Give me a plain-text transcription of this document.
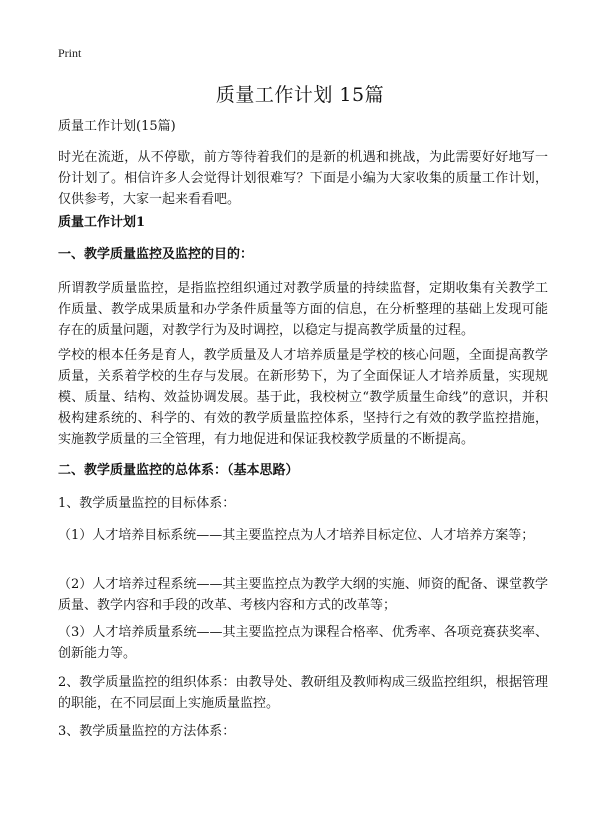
Print
质量工作计划 15篇
质量工作计划(15篇)
时光在流逝，从不停歇，前方等待着我们的是新的机遇和挑战，为此需要好好地写一份计划了。相信许多人会觉得计划很难写？下面是小编为大家收集的质量工作计划，仅供参考，大家一起来看看吧。
质量工作计划1
一、教学质量监控及监控的目的：
所谓教学质量监控，是指监控组织通过对教学质量的持续监督，定期收集有关教学工作质量、教学成果质量和办学条件质量等方面的信息，在分析整理的基础上发现可能存在的质量问题，对教学行为及时调控，以稳定与提高教学质量的过程。
学校的根本任务是育人，教学质量及人才培养质量是学校的核心问题，全面提高教学质量，关系着学校的生存与发展。在新形势下，为了全面保证人才培养质量，实现规模、质量、结构、效益协调发展。基于此，我校树立“教学质量生命线”的意识，并积极构建系统的、科学的、有效的教学质量监控体系，坚持行之有效的教学监控措施，实施教学质量的三全管理，有力地促进和保证我校教学质量的不断提高。
二、教学质量监控的总体系：（基本思路）
1、教学质量监控的目标体系：
（1）人才培养目标系统——其主要监控点为人才培养目标定位、人才培养方案等；
（2）人才培养过程系统——其主要监控点为教学大纲的实施、师资的配备、课堂教学质量、教学内容和手段的改革、考核内容和方式的改革等；
（3）人才培养质量系统——其主要监控点为课程合格率、优秀率、各项竞赛获奖率、创新能力等。
2、教学质量监控的组织体系：由教导处、教研组及教师构成三级监控组织，根据管理的职能，在不同层面上实施质量监控。
3、教学质量监控的方法体系：
